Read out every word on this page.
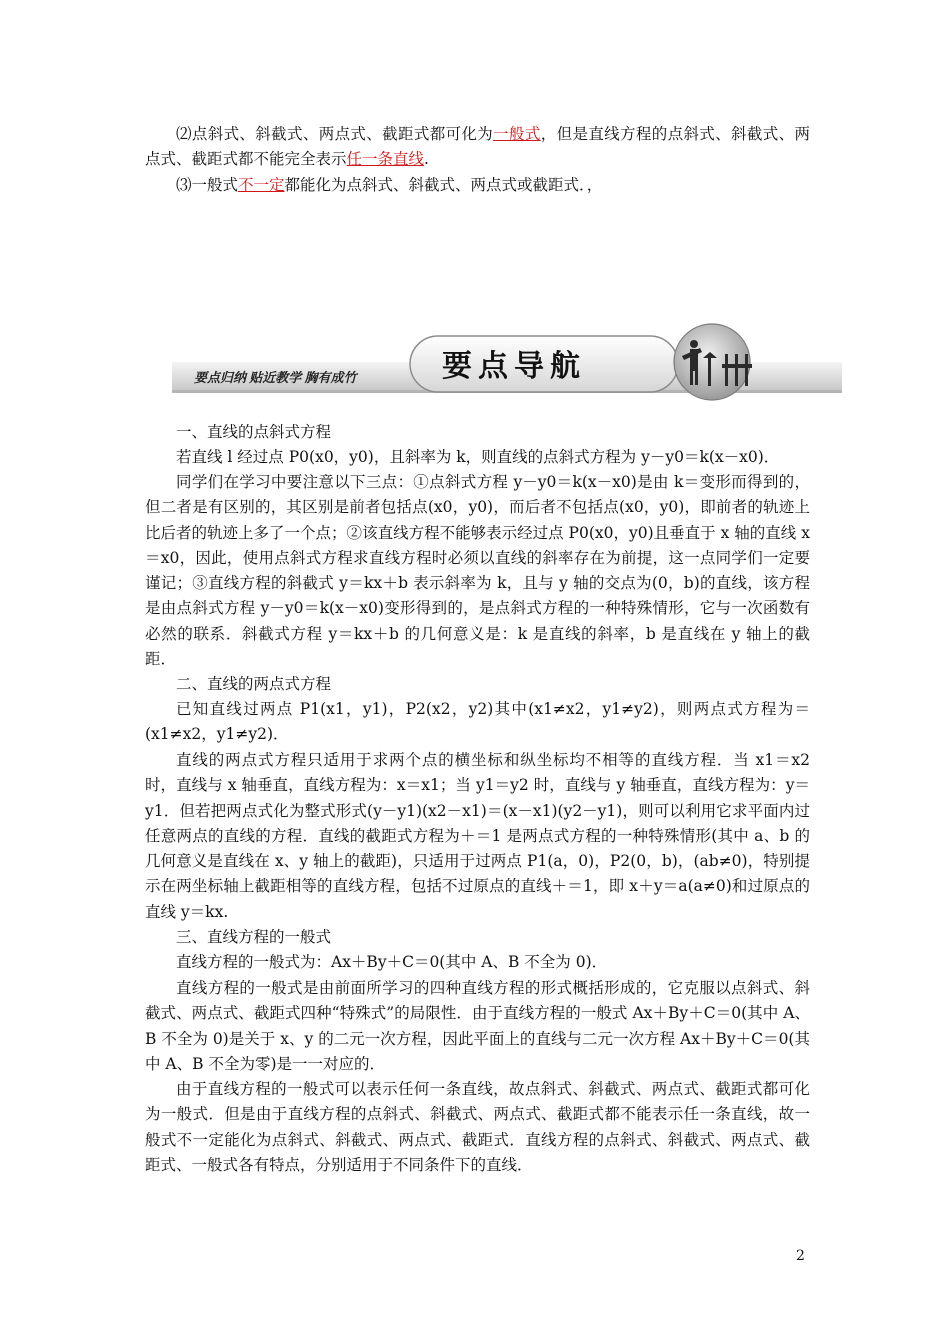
⑵点斜式、斜截式、两点式、截距式都可化为一般式，但是直线方程的点斜式、斜截式、两点式、截距式都不能完全表示任一条直线.
⑶一般式不一定都能化为点斜式、斜截式、两点式或截距式．，
要点归纳 贴近教学 胸有成竹	要点导航
一、直线的点斜式方程
若直线 l 经过点 P0(x0，y0)，且斜率为 k，则直线的点斜式方程为 y－y0＝k(x－x0)．
同学们在学习中要注意以下三点：①点斜式方程 y－y0＝k(x－x0)是由 k＝变形而得到的，但二者是有区别的，其区别是前者包括点(x0，y0)，而后者不包括点(x0，y0)，即前者的轨迹上比后者的轨迹上多了一个点；②该直线方程不能够表示经过点 P0(x0，y0)且垂直于 x 轴的直线 x＝x0，因此，使用点斜式方程求直线方程时必须以直线的斜率存在为前提，这一点同学们一定要谨记；③直线方程的斜截式 y＝kx＋b 表示斜率为 k，且与 y 轴的交点为(0，b)的直线，该方程是由点斜式方程 y－y0＝k(x－x0)变形得到的，是点斜式方程的一种特殊情形，它与一次函数有必然的联系．斜截式方程 y＝kx＋b 的几何意义是：k 是直线的斜率，b 是直线在 y 轴上的截距．
二、直线的两点式方程
已知直线过两点 P1(x1，y1)，P2(x2，y2)其中(x1≠x2，y1≠y2)，则两点式方程为＝(x1≠x2，y1≠y2)．
直线的两点式方程只适用于求两个点的横坐标和纵坐标均不相等的直线方程．当 x1＝x2 时，直线与 x 轴垂直，直线方程为：x＝x1；当 y1＝y2 时，直线与 y 轴垂直，直线方程为：y＝y1．但若把两点式化为整式形式(y－y1)(x2－x1)＝(x－x1)(y2－y1)，则可以利用它求平面内过任意两点的直线的方程．直线的截距式方程为＋＝1 是两点式方程的一种特殊情形(其中 a、b 的几何意义是直线在 x、y 轴上的截距)，只适用于过两点 P1(a，0)，P2(0，b)，(ab≠0)，特别提示在两坐标轴上截距相等的直线方程，包括不过原点的直线＋＝1，即 x＋y＝a(a≠0)和过原点的直线 y＝kx.
三、直线方程的一般式
直线方程的一般式为：Ax＋By＋C＝0(其中 A、B 不全为 0)．
直线方程的一般式是由前面所学习的四种直线方程的形式概括形成的，它克服以点斜式、斜截式、两点式、截距式四种“特殊式”的局限性．由于直线方程的一般式 Ax＋By＋C＝0(其中 A、B 不全为 0)是关于 x、y 的二元一次方程，因此平面上的直线与二元一次方程 Ax＋By＋C＝0(其中 A、B 不全为零)是一一对应的．
由于直线方程的一般式可以表示任何一条直线，故点斜式、斜截式、两点式、截距式都可化为一般式．但是由于直线方程的点斜式、斜截式、两点式、截距式都不能表示任一条直线，故一般式不一定能化为点斜式、斜截式、两点式、截距式．直线方程的点斜式、斜截式、两点式、截距式、一般式各有特点，分别适用于不同条件下的直线．
2
